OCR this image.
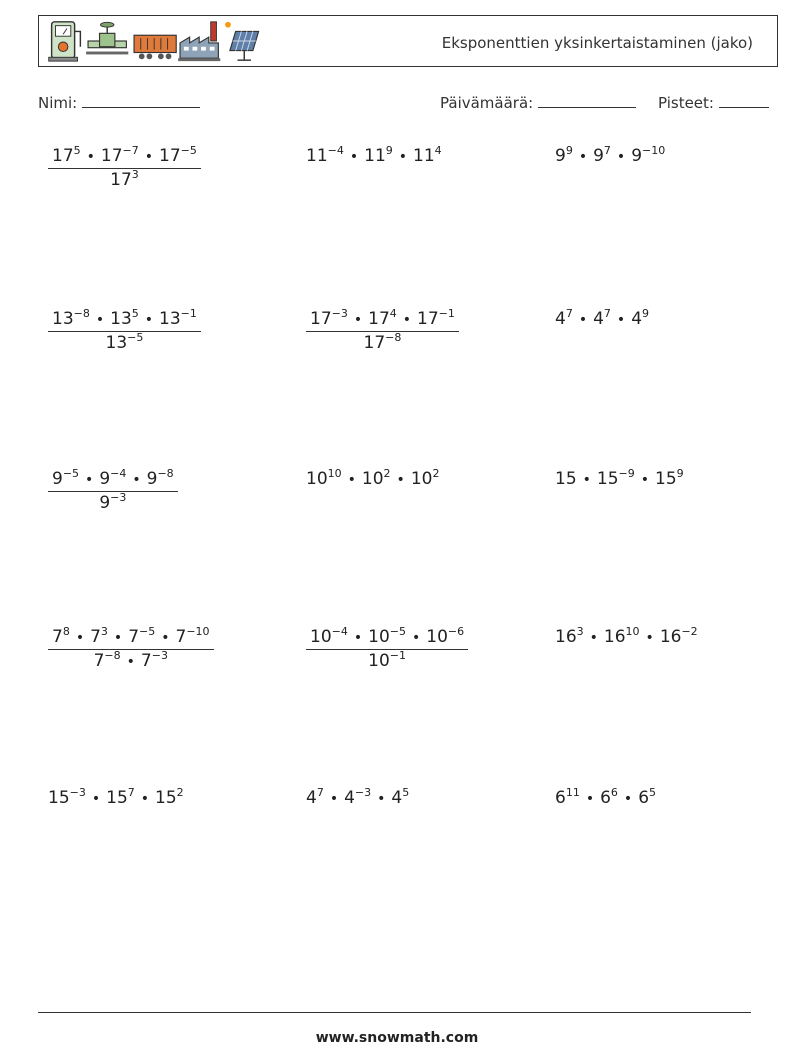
Eksponenttien yksinkertaistaminen (jako)
Nimi:	Päivämäärä:	Pisteet:
$\frac{17^5 • 17^{-7} • 17^{-5}}{17^3}$	$11^{-4}$ • $11^9$ • $11^4$	$9^9$ • $9^7$ • $9^{-10}$
$\frac{13^{-8} • 13^5 • 13^{-1}}{13^{-5}}$	$\frac{17^{-3} • 17^4 • 17^{-1}}{17^{-8}}$	$4^7$ • $4^7$ • $4^9$
$\frac{9^{-5} • 9^{-4} • 9^{-8}}{9^{-3}}$	$10^{10}$ • $10^2$ • $10^2$	15 • $15^{-9}$ • $15^9$
$\frac{7^8 • 7^3 • 7^{-5} • 7^{-10}}{7^{-8} • 7^{-3}}$	$\frac{10^{-4} • 10^{-5} • 10^{-6}}{10^{-1}}$	$16^3$ • $16^{10}$ • $16^{-2}$
$15^{-3}$ • $15^7$ • $15^2$	$4^7$ • $4^{-3}$ • $4^5$	$6^{11}$ • $6^6$ • $6^5$
www.snowmath.com
